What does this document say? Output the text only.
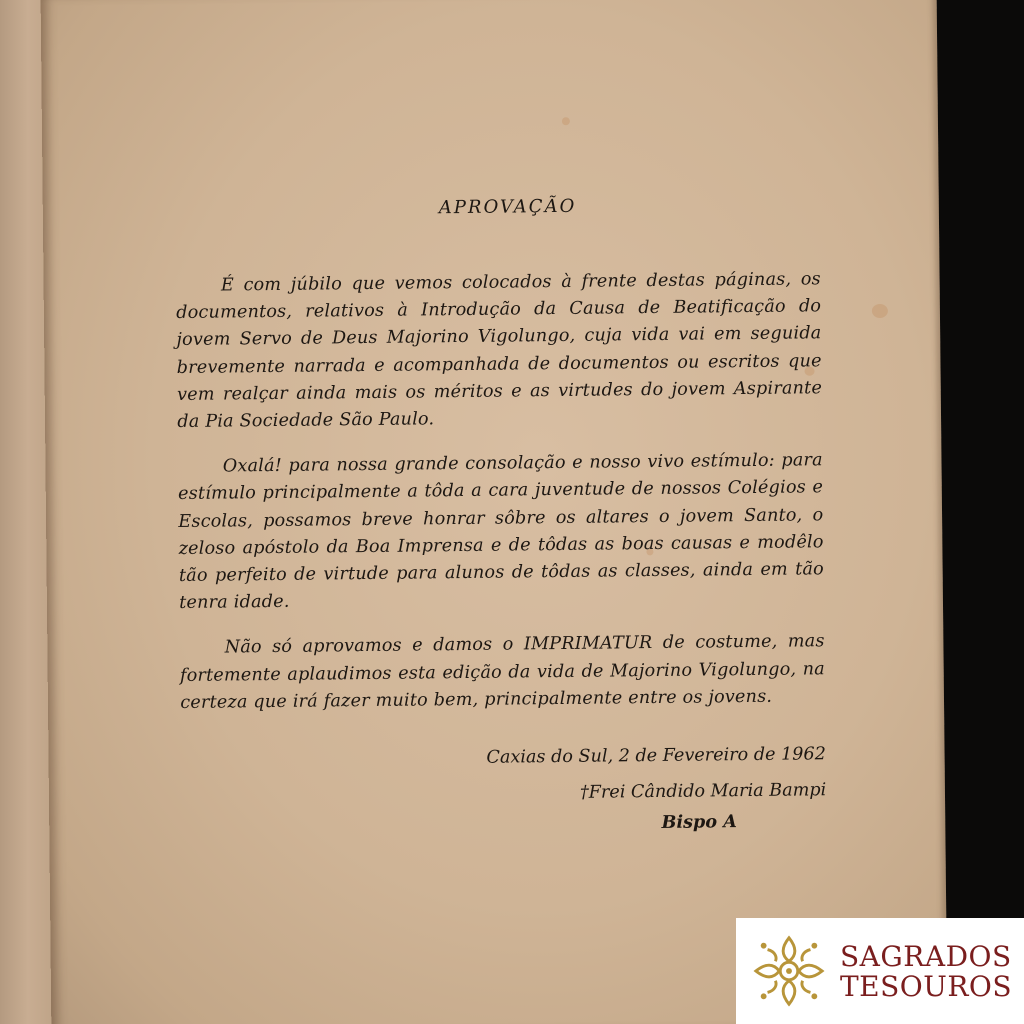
APROVAÇÃO

É com júbilo que vemos colocados à frente destas páginas, os documentos, relativos à Introdução da Causa de Beatificação do jovem Servo de Deus Majorino Vigolungo, cuja vida vai em seguida brevemente narrada e acompanhada de documentos ou escritos que vem realçar ainda mais os méritos e as virtudes do jovem Aspirante da Pia Sociedade São Paulo.

Oxalá! para nossa grande consolação e nosso vivo estímulo: para estímulo principalmente a tôda a cara juventude de nossos Colégios e Escolas, possamos breve honrar sôbre os altares o jovem Santo, o zeloso apóstolo da Boa Imprensa e de tôdas as boas causas e modêlo tão perfeito de virtude para alunos de tôdas as classes, ainda em tão tenra idade.

Não só aprovamos e damos o IMPRIMATUR de costume, mas fortemente aplaudimos esta edição da vida de Majorino Vigolungo, na certeza que irá fazer muito bem, principalmente entre os jovens.

Caxias do Sul, 2 de Fevereiro de 1962
†Frei Cândido Maria Bampi
Bispo A
SAGRADOS
TESOUROS
